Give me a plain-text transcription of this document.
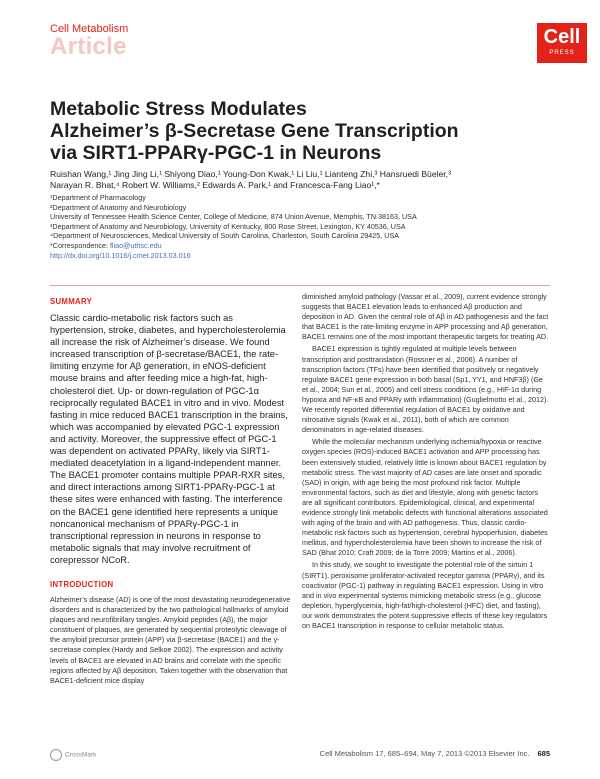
Cell Metabolism
Article	Cell
PRESS
Metabolic Stress Modulates
Alzheimer’s β-Secretase Gene Transcription
via SIRT1-PPARγ-PGC-1 in Neurons
Ruishan Wang,¹ Jing Jing Li,¹ Shiyong Diao,¹ Young-Don Kwak,¹ Li Liu,¹ Lianteng Zhi,³ Hansruedi Büeler,³
Narayan R. Bhat,⁴ Robert W. Williams,² Edwards A. Park,¹ and Francesca-Fang Liao¹,*
¹Department of Pharmacology
²Department of Anatomy and Neurobiology
University of Tennessee Health Science Center, College of Medicine, 874 Union Avenue, Memphis, TN 38163, USA
³Department of Anatomy and Neurobiology, University of Kentucky, 800 Rose Street, Lexington, KY 40536, USA
⁴Department of Neurosciences, Medical University of South Carolina, Charleston, South Carolina 29425, USA
*Correspondence: fliao@uthsc.edu
http://dx.doi.org/10.1016/j.cmet.2013.03.016
SUMMARY
Classic cardio-metabolic risk factors such as hypertension, stroke, diabetes, and hypercholesterolemia all increase the risk of Alzheimer’s disease. We found increased transcription of β-secretase/BACE1, the rate-limiting enzyme for Aβ generation, in eNOS-deficient mouse brains and after feeding mice a high-fat, high-cholesterol diet. Up- or down-regulation of PGC-1α reciprocally regulated BACE1 in vitro and in vivo. Modest fasting in mice reduced BACE1 transcription in the brains, which was accompanied by elevated PGC-1 expression and activity. Moreover, the suppressive effect of PGC-1 was dependent on activated PPARγ, likely via SIRT1-mediated deacetylation in a ligand-independent manner. The BACE1 promoter contains multiple PPAR-RXR sites, and direct interactions among SIRT1-PPARγ-PGC-1 at these sites were enhanced with fasting. The interference on the BACE1 gene identified here represents a unique noncanonical mechanism of PPARγ-PGC-1 in transcriptional repression in neurons in response to metabolic signals that may involve recruitment of corepressor NCoR.
INTRODUCTION

Alzheimer’s disease (AD) is one of the most devastating neurodegenerative disorders and is characterized by the two pathological hallmarks of amyloid plaques and neurofibrillary tangles. Amyloid peptides (Aβ), the major constituent of plaques, are generated by sequential proteolytic cleavage of the amyloid precursor protein (APP) via β-secretase (BACE1) and the γ-secretase complex (Hardy and Selkoe 2002). The expression and activity levels of BACE1 are elevated in AD brains and correlate with the specific regions affected by Aβ deposition. Taken together with the observation that BACE1-deficient mice display

diminished amyloid pathology (Vassar et al., 2009), current evidence strongly suggests that BACE1 elevation leads to enhanced Aβ production and deposition in AD. Given the central role of Aβ in AD pathogenesis and the fact that BACE1 is the rate-limiting enzyme in APP processing and Aβ generation, BACE1 remains one of the most important therapeutic targets for treating AD.

BACE1 expression is tightly regulated at multiple levels between transcription and posttranslation (Rossner et al., 2006). A number of transcription factors (TFs) have been identified that positively or negatively regulate BACE1 gene expression in both basal (Sp1, YY1, and HNF3β) (Ge et al., 2004; Sun et al., 2005) and cell stress conditions (e.g., HIF-1α during hypoxia and NF-κB and PPARγ with inflammation) (Guglielmotto et al., 2012). We recently reported differential regulation of BACE1 by oxidative and nitrosative signals (Kwak et al., 2011), both of which are common denominators in age-related diseases.

While the molecular mechanism underlying ischemia/hypoxia or reactive oxygen species (ROS)-induced BACE1 activation and APP processing has been extensively studied, relatively little is known about BACE1 regulation by metabolic stress. The vast majority of AD cases are late onset and sporadic (SAD) in origin, with age being the most profound risk factor. Multiple environmental factors, such as diet and lifestyle, along with genetic factors are all significant contributors. Epidemiological, clinical, and experimental evidence strongly link metabolic defects with functional alterations associated with aging of the brain and with AD pathogenesis. Thus, classic cardio-metabolic risk factors such as hypertension, cerebral hypoperfusion, diabetes mellitus, and hypercholesterolemia have been shown to increase the risk of SAD (Bhat 2010; Craft 2009; de la Torre 2009; Martins et al., 2006).

In this study, we sought to investigate the potential role of the sirtuin 1 (SIRT1), peroxisome proliferator-activated receptor gamma (PPARγ), and its coactivator (PGC-1) pathway in regulating BACE1 expression. Using in vitro and in vivo experimental systems mimicking metabolic stress (e.g., glucose depletion, hyperglycemia, high-fat/high-cholesterol (HFC) diet, and fasting), our work demonstrates the potent suppressive effects of these key regulators on BACE1 transcription in response to cellular metabolic status.

CrossMark	Cell Metabolism 17, 685–694, May 7, 2013 ©2013 Elsevier Inc. 685
